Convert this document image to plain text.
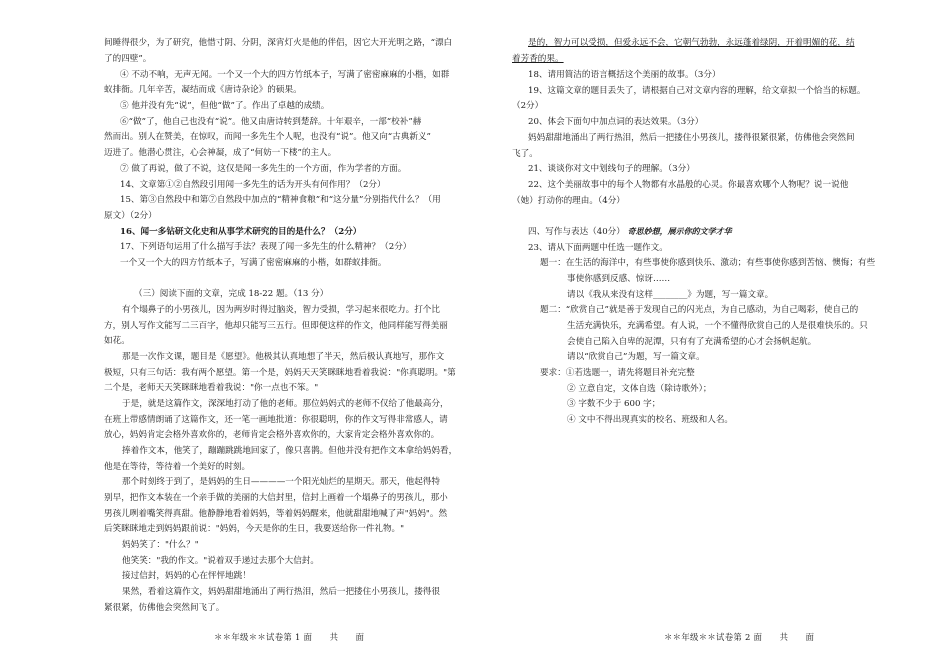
间睡得很少，为了研究，他惜寸阴、分阴，深宵灯火是他的伴侣，因它大开光明之路，“漂白
了的四壁”。
④ 不动不响，无声无闻。一个又一个大的四方竹纸本子，写满了密密麻麻的小楷，如群
蚁排衙。几年辛苦，凝结而成《唐诗杂论》的硕果。
⑤ 他并没有先“说”，但他“做”了。作出了卓越的成绩。
⑥“做”了，他自己也没有“说”。他又由唐诗转到楚辞。十年艰辛，一部“校补”赫
然而出。别人在赞美，在惊叹，而闻一多先生个人呢，也没有“说”。他又向“古典新义”
迈进了。他潜心贯注，心会神凝，成了“何妨一下楼”的主人。
⑦ 做了再说，做了不说，这仅是闻一多先生的一个方面，作为学者的方面。
14、文章第①②自然段引用闻一多先生的话为开头有何作用？（2分）
15、第③自然段中和第⑦自然段中加点的“精神食粮”和“这分量”分别指代什么？（用
原文）（2分）
16、闻一多钻研文化史和从事学术研究的目的是什么？（2分）
17、下列语句运用了什么描写手法？表现了闻一多先生的什么精神？（2分）
一个又一个大的四方竹纸本子，写满了密密麻麻的小楷，如群蚁排衙。
（三）阅读下面的文章，完成 18-22 题。（13 分）
有个塌鼻子的小男孩儿，因为两岁时得过脑炎，智力受损，学习起来很吃力。打个比
方，别人写作文能写二三百字，他却只能写三五行。但即便这样的作文，他同样能写得美丽
如花。
那是一次作文课，题目是《愿望》。他极其认真地想了半天，然后极认真地写，那作文
极短，只有三句话：我有两个愿望。第一个是，妈妈天天笑眯眯地看着我说："你真聪明。"第
二个是，老师天天笑眯眯地看着我说："你一点也不笨。"
于是，就是这篇作文，深深地打动了他的老师。那位妈妈式的老师不仅给了他最高分，
在班上带感情朗诵了这篇作文，还一笔一画地批道：你很聪明，你的作文写得非常感人，请
放心，妈妈肯定会格外喜欢你的，老师肯定会格外喜欢你的，大家肯定会格外喜欢你的。
捧着作文本，他笑了，蹦蹦跳跳地回家了，像只喜鹊。但他并没有把作文本拿给妈妈看，
他是在等待，等待着一个美好的时刻。
那个时刻终于到了，是妈妈的生日————一个阳光灿烂的星期天。那天，他起得特
别早，把作文本装在一个亲手做的美丽的大信封里，信封上画着一个塌鼻子的男孩儿，那小
男孩儿咧着嘴笑得真甜。他静静地看着妈妈，等着妈妈醒来，他就甜甜地喊了声"妈妈"。然
后笑眯眯地走到妈妈跟前说："妈妈，今天是你的生日，我要送给你一件礼物。"
妈妈笑了："什么？"
他笑笑："我的作文。"说着双手递过去那个大信封。
接过信封，妈妈的心在怦怦地跳！
果然，看着这篇作文，妈妈甜甜地涌出了两行热泪，然后一把搂住小男孩儿，搂得很
紧很紧，仿佛他会突然间飞了。
是的，智力可以受损，但爱永远不会，它朝气勃勃，永远蓬着绿阴，开着明媚的花，结
着芳香的果。
18、请用简洁的语言概括这个美丽的故事。（3分）
19、这篇文章的题目丢失了，请根据自己对文章内容的理解，给文章拟一个恰当的标题。
（2分）
20、体会下面句中加点词的表达效果。（3分）
妈妈甜甜地涌出了两行热泪，然后一把搂住小男孩儿，搂得很紧很紧，仿佛他会突然间
飞了。
21、谈谈你对文中划线句子的理解。（3分）
22、这个美丽故事中的每个人物都有水晶般的心灵。你最喜欢哪个人物呢？说一说他
（她）打动你的理由。（4分）
四、写作与表达（40分） 奇思妙想，展示你的文学才华
23、请从下面两题中任选一题作文。
题一：在生活的海洋中，有些事使你感到快乐、激动；有些事使你感到苦恼、懊悔；有些
事使你感到反感、惊讶……
请以《我从来没有这样________》为题，写一篇文章。
题二：“欣赏自己”就是善于发现自己的闪光点，为自己感动，为自己喝彩，使自己的
生活充满快乐，充满希望。有人说，一个不懂得欣赏自己的人是很难快乐的。只
会使自己陷入自卑的泥潭，只有有了充满希望的心才会扬帆起航。
请以“欣赏自己”为题，写一篇文章。
要求：①若选题一，请先将题目补充完整
② 立意自定，文体自选（除诗歌外）；
③ 字数不少于 600 字；
④ 文中不得出现真实的校名、班级和人名。
＊＊年级＊＊试卷第 1 面　　共　　面	＊＊年级＊＊试卷第 2 面　　共　　面
